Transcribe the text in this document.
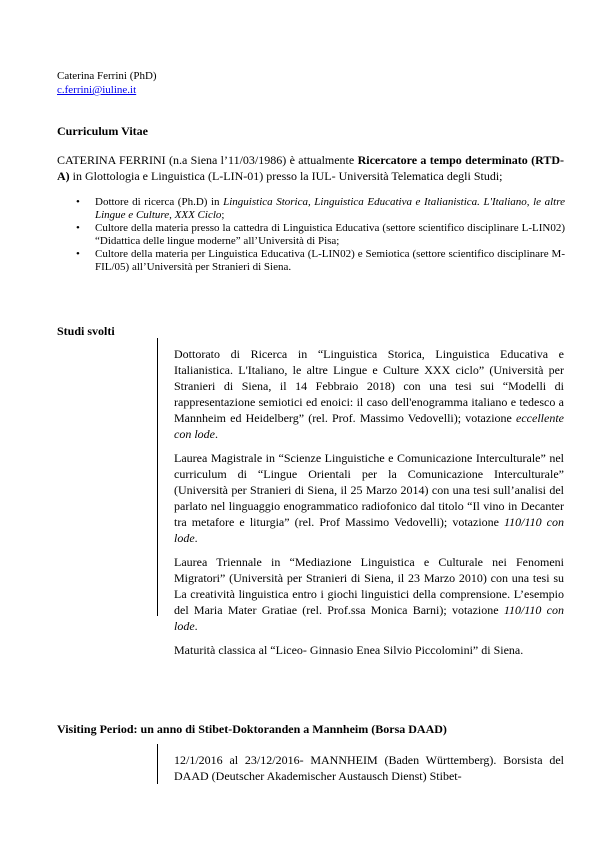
Caterina Ferrini (PhD)
c.ferrini@iuline.it
Curriculum Vitae
CATERINA FERRINI (n.a Siena l’11/03/1986) è attualmente Ricercatore a tempo determinato (RTD-A) in Glottologia e Linguistica (L-LIN-01) presso la IUL- Università Telematica degli Studi;
• Dottore di ricerca (Ph.D) in Linguistica Storica, Linguistica Educativa e Italianistica. L'Italiano, le altre Lingue e Culture, XXX Ciclo;
• Cultore della materia presso la cattedra di Linguistica Educativa (settore scientifico disciplinare L-LIN02) “Didattica delle lingue moderne” all’Università di Pisa;
• Cultore della materia per Linguistica Educativa (L-LIN02) e Semiotica (settore scientifico disciplinare M-FIL/05) all’Università per Stranieri di Siena.
Studi svolti

Dottorato di Ricerca in “Linguistica Storica, Linguistica Educativa e Italianistica. L'Italiano, le altre Lingue e Culture XXX ciclo” (Università per Stranieri di Siena, il 14 Febbraio 2018) con una tesi sui “Modelli di rappresentazione semiotici ed enoici: il caso dell'enogramma italiano e tedesco a Mannheim ed Heidelberg” (rel. Prof. Massimo Vedovelli); votazione eccellente con lode.

Laurea Magistrale in “Scienze Linguistiche e Comunicazione Interculturale” nel curriculum di “Lingue Orientali per la Comunicazione Interculturale” (Università per Stranieri di Siena, il 25 Marzo 2014) con una tesi sull’analisi del parlato nel linguaggio enogrammatico radiofonico dal titolo “Il vino in Decanter tra metafore e liturgia” (rel. Prof Massimo Vedovelli); votazione 110/110 con lode.

Laurea Triennale in “Mediazione Linguistica e Culturale nei Fenomeni Migratori” (Università per Stranieri di Siena, il 23 Marzo 2010) con una tesi su La creatività linguistica entro i giochi linguistici della comprensione. L’esempio del Maria Mater Gratiae (rel. Prof.ssa Monica Barni); votazione 110/110 con lode.

Maturità classica al “Liceo- Ginnasio Enea Silvio Piccolomini” di Siena.

Visiting Period: un anno di Stibet-Doktoranden a Mannheim (Borsa DAAD)
12/1/2016 al 23/12/2016- MANNHEIM (Baden Württemberg). Borsista del DAAD (Deutscher Akademischer Austausch Dienst) Stibet-
